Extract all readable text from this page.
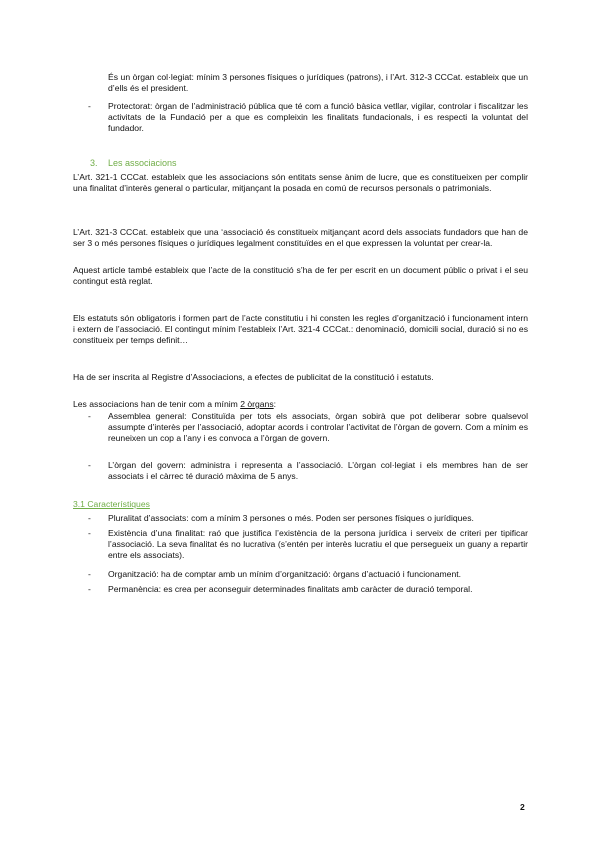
És un òrgan col·legiat: mínim 3 persones físiques o jurídiques (patrons), i l’Art. 312-3 CCCat. estableix que un d’ells és el president.

-	Protectorat: òrgan de l’administració pública que té com a funció bàsica vetllar, vigilar, controlar i fiscalitzar les activitats de la Fundació per a que es compleixin les finalitats fundacionals, i es respecti la voluntat del fundador.

3. Les associacions

L’Art. 321-1 CCCat. estableix que les associacions són entitats sense ànim de lucre, que es constitueixen per complir una finalitat d’interès general o particular, mitjançant la posada en comú de recursos personals o patrimonials.

L’Art. 321-3 CCCat. estableix que una ‘associació és constitueix mitjançant acord dels associats fundadors que han de ser 3 o més persones físiques o jurídiques legalment constituïdes en el que expressen la voluntat per crear-la.

Aquest article també estableix que l’acte de la constitució s’ha de fer per escrit en un document públic o privat i el seu contingut està reglat.

Els estatuts són obligatoris i formen part de l’acte constitutiu i hi consten les regles d’organització i funcionament intern i extern de l’associació. El contingut mínim l’estableix l’Art. 321-4 CCCat.: denominació, domicili social, duració si no es constitueix per temps definit…

Ha de ser inscrita al Registre d’Associacions, a efectes de publicitat de la constitució i estatuts.

Les associacions han de tenir com a mínim 2 òrgans:

-	Assemblea general: Constituïda per tots els associats, òrgan sobirà que pot deliberar sobre qualsevol assumpte d’interès per l’associació, adoptar acords i controlar l’activitat de l’òrgan de govern. Com a mínim es reuneixen un cop a l’any i es convoca a l’òrgan de govern.

-	L’òrgan del govern: administra i representa a l’associació. L’òrgan col·legiat i els membres han de ser associats i el càrrec té duració màxima de 5 anys.

3.1 Característiques
-	Pluralitat d’associats: com a mínim 3 persones o més. Poden ser persones físiques o jurídiques.

-	Existència d’una finalitat: raó que justifica l’existència de la persona jurídica i serveix de criteri per tipificar l’associació. La seva finalitat és no lucrativa (s’entén per interès lucratiu el que persegueix un guany a repartir entre els associats).

-	Organització: ha de comptar amb un mínim d’organització: òrgans d’actuació i funcionament.

-	Permanència: es crea per aconseguir determinades finalitats amb caràcter de duració temporal.

2
